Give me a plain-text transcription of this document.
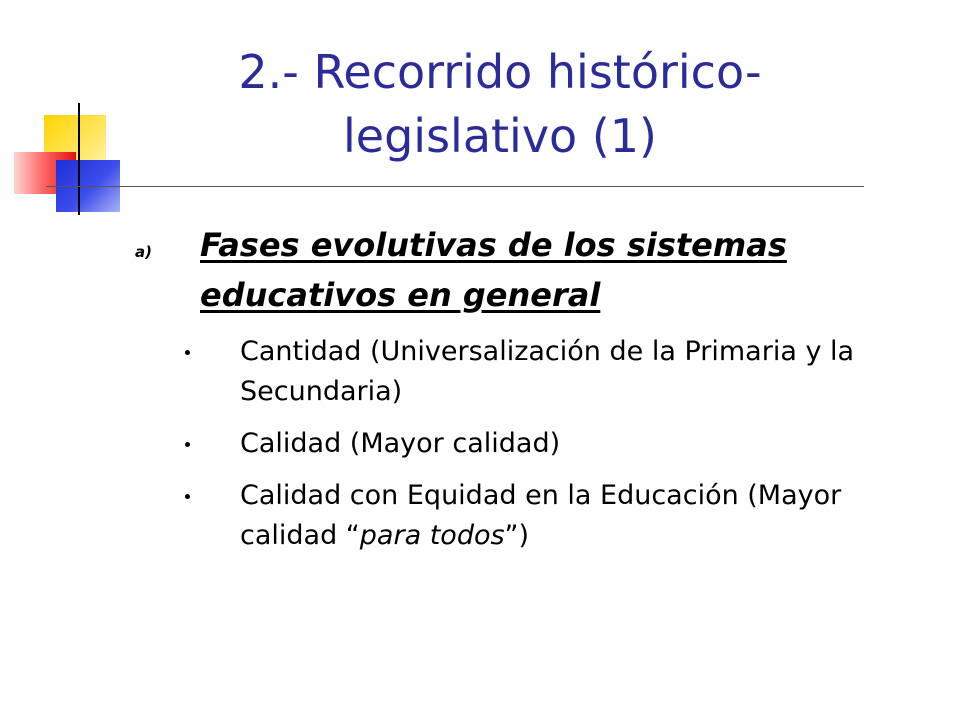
2.- Recorrido histórico-
legislativo (1)
a) Fases evolutivas de los sistemas educativos en general
Cantidad (Universalización de la Primaria y la Secundaria)
Calidad (Mayor calidad)
Calidad con Equidad en la Educación (Mayor calidad “para todos”)
